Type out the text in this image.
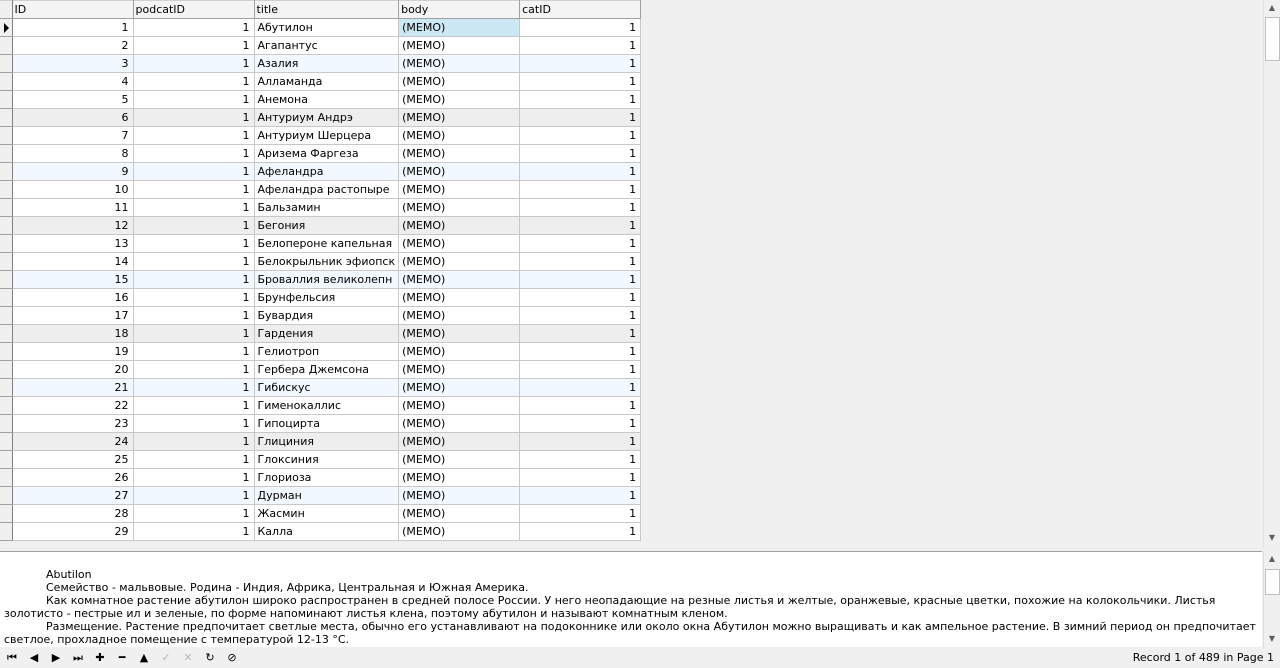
	ID	podcatID	title	body	catID

	1	1	Абутилон	(MEMO)	1
	2	1	Агапантус	(MEMO)	1
	3	1	Азалия	(MEMO)	1
	4	1	Алламанда	(MEMO)	1
	5	1	Анемона	(MEMO)	1
	6	1	Антуриум Андрэ	(MEMO)	1
	7	1	Антуриум Шерцера	(MEMO)	1
	8	1	Аризема Фаргеза	(MEMO)	1
	9	1	Афеландра	(MEMO)	1
	10	1	Афеландра растопыре	(MEMO)	1
	11	1	Бальзамин	(MEMO)	1
	12	1	Бегония	(MEMO)	1
	13	1	Белопероне капельная	(MEMO)	1
	14	1	Белокрыльник эфиопск	(MEMO)	1
	15	1	Броваллия великолепн	(MEMO)	1
	16	1	Брунфельсия	(MEMO)	1
	17	1	Бувардия	(MEMO)	1
	18	1	Гардения	(MEMO)	1
	19	1	Гелиотроп	(MEMO)	1
	20	1	Гербера Джемсона	(MEMO)	1
	21	1	Гибискус	(MEMO)	1
	22	1	Гименокаллис	(MEMO)	1
	23	1	Гипоцирта	(MEMO)	1
	24	1	Глициния	(MEMO)	1
	25	1	Глоксиния	(MEMO)	1
	26	1	Глориоза	(MEMO)	1
	27	1	Дурман	(MEMO)	1
	28	1	Жасмин	(MEMO)	1
	29	1	Калла	(MEMO)	1
▲
▼

Abutilon

Семейство - мальвовые. Родина - Индия, Африка, Центральная и Южная Америка.

Как комнатное растение абутилон широко распространен в средней полосе России. У него неопадающие на резные листья и желтые, оранжевые, красные цветки, похожие на колокольчики. Листья золотисто - пестрые ил и зеленые, по форме напоминают листья клена, поэтому абутилон и называют комнатным кленом.

Размещение. Растение предпочитает светлые места, обычно его устанавливают на подоконнике или около окна Абутилон можно выращивать и как ампельное растение. В зимний период он предпочитает светлое, прохладное помещение с температурой 12-13 °С.

▲
▼
⏮	◀	▶	⏭	✚	━	▲	✓	✕	↻	⊘	Record 1 of 489 in Page 1
